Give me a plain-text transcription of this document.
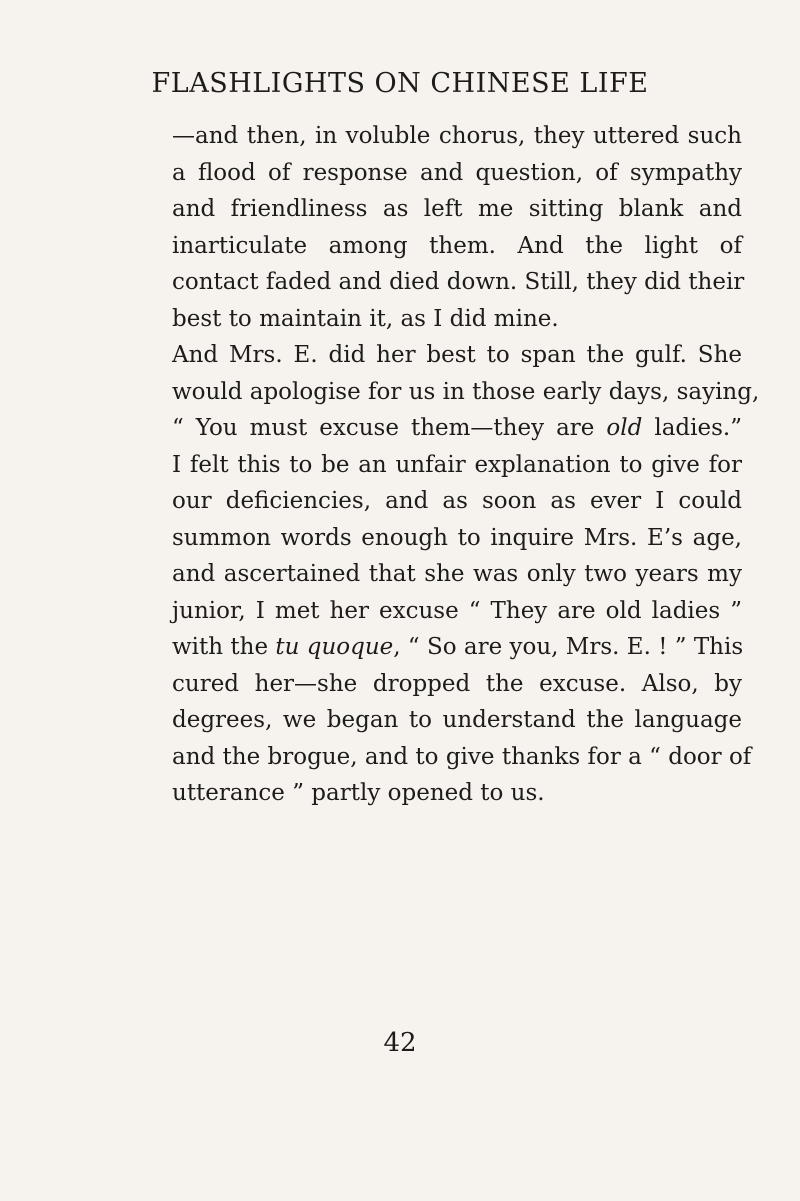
FLASHLIGHTS ON CHINESE LIFE
—and then, in voluble chorus, they uttered such
a flood of response and question, of sympathy
and friendliness as left me sitting blank and
inarticulate among them. And the light of
contact faded and died down. Still, they did their
best to maintain it, as I did mine.
And Mrs. E. did her best to span the gulf. She
would apologise for us in those early days, saying,
“ You must excuse them—they are old ladies.”
I felt this to be an unfair explanation to give for
our deficiencies, and as soon as ever I could
summon words enough to inquire Mrs. E’s age,
and ascertained that she was only two years my
junior, I met her excuse “ They are old ladies ”
with the tu quoque, “ So are you, Mrs. E. ! ” This
cured her—she dropped the excuse. Also, by
degrees, we began to understand the language
and the brogue, and to give thanks for a “ door of
utterance ” partly opened to us.
42
